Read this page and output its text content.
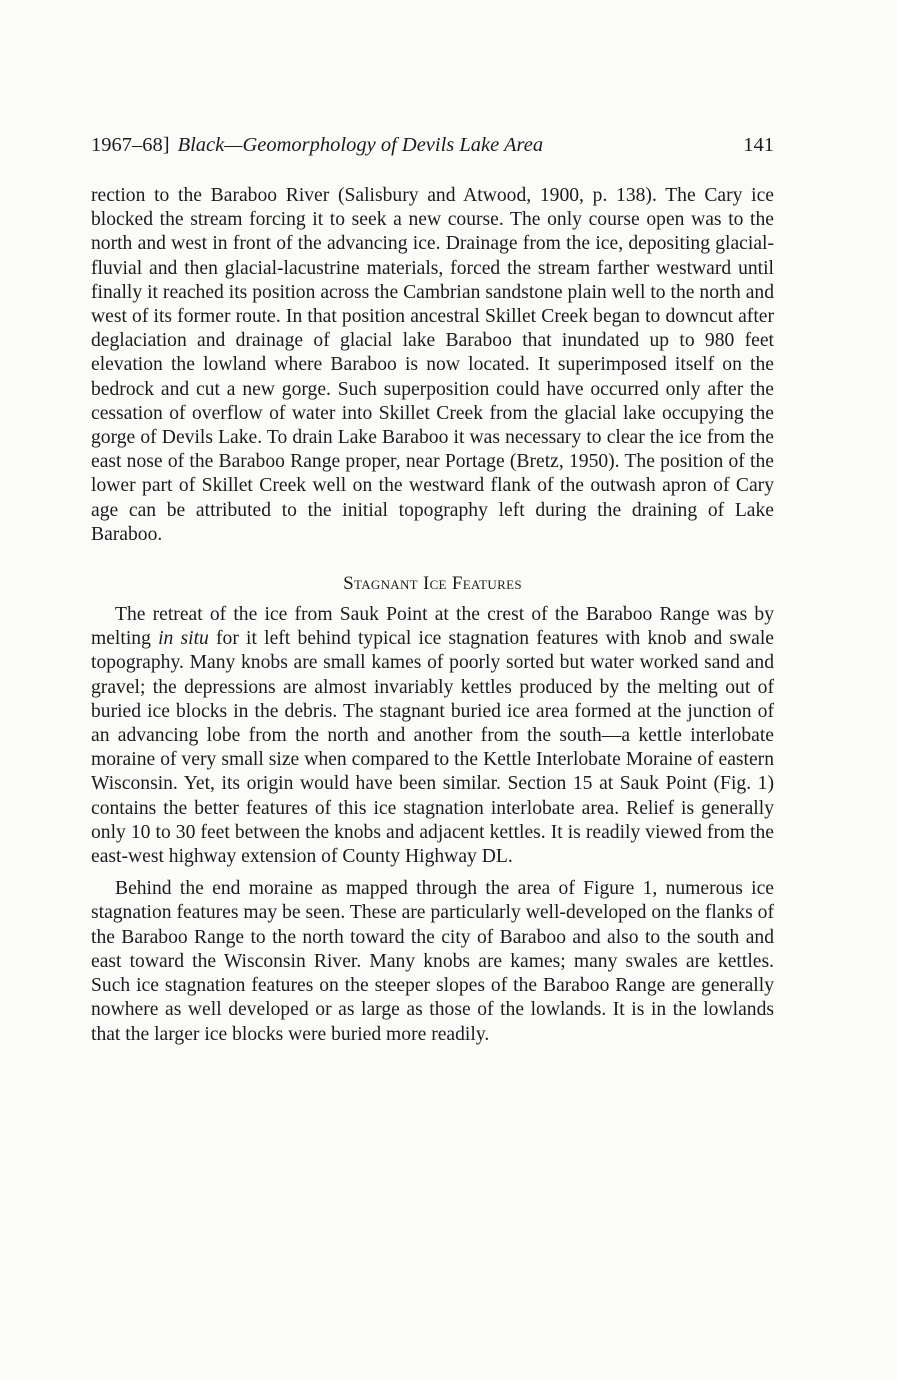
1967–68] Black—Geomorphology of Devils Lake Area	141

rection to the Baraboo River (Salisbury and Atwood, 1900, p. 138). The Cary ice blocked the stream forcing it to seek a new course. The only course open was to the north and west in front of the advancing ice. Drainage from the ice, depositing glacial-fluvial and then glacial-lacustrine materials, forced the stream farther westward until finally it reached its position across the Cambrian sandstone plain well to the north and west of its former route. In that position ancestral Skillet Creek began to downcut after deglaciation and drainage of glacial lake Baraboo that inundated up to 980 feet elevation the lowland where Baraboo is now located. It superimposed itself on the bedrock and cut a new gorge. Such superposition could have occurred only after the cessation of overflow of water into Skillet Creek from the glacial lake occupying the gorge of Devils Lake. To drain Lake Baraboo it was necessary to clear the ice from the east nose of the Baraboo Range proper, near Portage (Bretz, 1950). The position of the lower part of Skillet Creek well on the westward flank of the outwash apron of Cary age can be attributed to the initial topography left during the draining of Lake Baraboo.

Stagnant Ice Features

The retreat of the ice from Sauk Point at the crest of the Baraboo Range was by melting in situ for it left behind typical ice stagnation features with knob and swale topography. Many knobs are small kames of poorly sorted but water worked sand and gravel; the depressions are almost invariably kettles produced by the melting out of buried ice blocks in the debris. The stagnant buried ice area formed at the junction of an advancing lobe from the north and another from the south—a kettle interlobate moraine of very small size when compared to the Kettle Interlobate Moraine of eastern Wisconsin. Yet, its origin would have been similar. Section 15 at Sauk Point (Fig. 1) contains the better features of this ice stagnation interlobate area. Relief is generally only 10 to 30 feet between the knobs and adjacent kettles. It is readily viewed from the east-west highway extension of County Highway DL.

Behind the end moraine as mapped through the area of Figure 1, numerous ice stagnation features may be seen. These are particularly well-developed on the flanks of the Baraboo Range to the north toward the city of Baraboo and also to the south and east toward the Wisconsin River. Many knobs are kames; many swales are kettles. Such ice stagnation features on the steeper slopes of the Baraboo Range are generally nowhere as well developed or as large as those of the lowlands. It is in the lowlands that the larger ice blocks were buried more readily.
